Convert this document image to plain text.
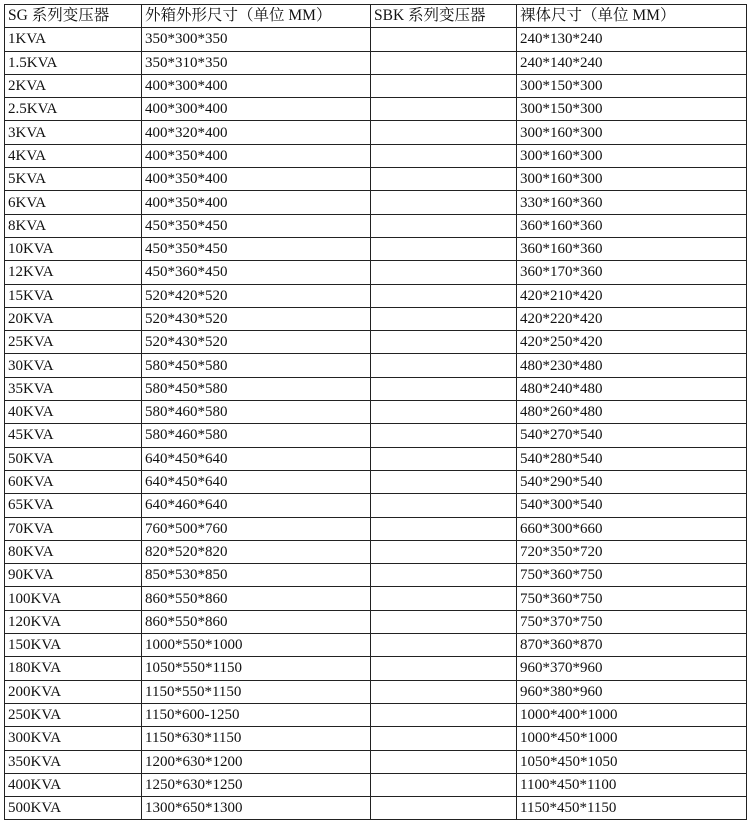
SG 系列变压器	外箱外形尺寸（单位 MM）	SBK 系列变压器	裸体尺寸（单位 MM）
1KVA	350*300*350		240*130*240
1.5KVA	350*310*350		240*140*240
2KVA	400*300*400		300*150*300
2.5KVA	400*300*400		300*150*300
3KVA	400*320*400		300*160*300
4KVA	400*350*400		300*160*300
5KVA	400*350*400		300*160*300
6KVA	400*350*400		330*160*360
8KVA	450*350*450		360*160*360
10KVA	450*350*450		360*160*360
12KVA	450*360*450		360*170*360
15KVA	520*420*520		420*210*420
20KVA	520*430*520		420*220*420
25KVA	520*430*520		420*250*420
30KVA	580*450*580		480*230*480
35KVA	580*450*580		480*240*480
40KVA	580*460*580		480*260*480
45KVA	580*460*580		540*270*540
50KVA	640*450*640		540*280*540
60KVA	640*450*640		540*290*540
65KVA	640*460*640		540*300*540
70KVA	760*500*760		660*300*660
80KVA	820*520*820		720*350*720
90KVA	850*530*850		750*360*750
100KVA	860*550*860		750*360*750
120KVA	860*550*860		750*370*750
150KVA	1000*550*1000		870*360*870
180KVA	1050*550*1150		960*370*960
200KVA	1150*550*1150		960*380*960
250KVA	1150*600-1250		1000*400*1000
300KVA	1150*630*1150		1000*450*1000
350KVA	1200*630*1200		1050*450*1050
400KVA	1250*630*1250		1100*450*1100
500KVA	1300*650*1300		1150*450*1150
